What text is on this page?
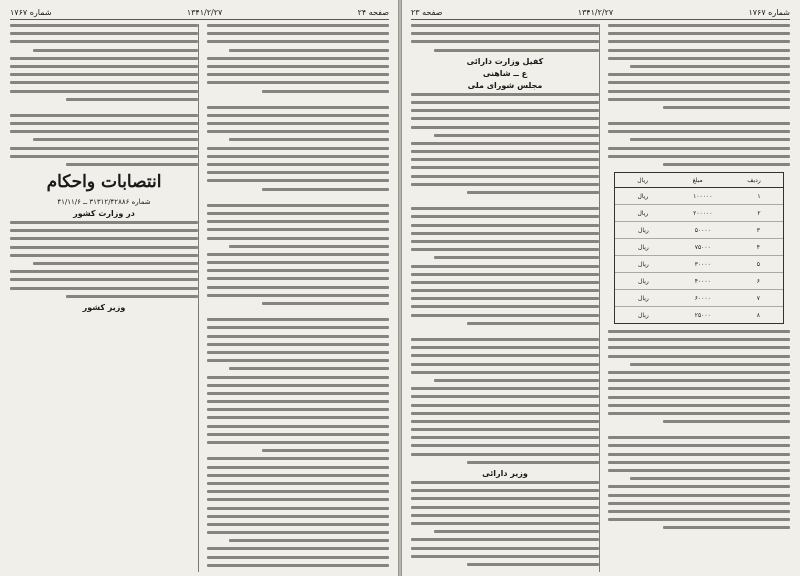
صفحه ۲۴
۱۳۴۱/۲/۲۷
شماره ۱۷۶۷
انتصابات واحکام
شماره ۳۱۳۱۲/۴۲۸۸۶ ــ ۴۱/۱۱/۶
در وزارت کشور
وزیر کشور
شماره ۱۷۶۷
۱۳۴۱/۲/۲۷
صفحه ۲۳
ردیف
مبلغ
ریال
۱
۱۰۰۰۰۰
ریال
۲
۲۰۰۰۰۰
ریال
۳
۵۰۰۰۰
ریال
۴
۷۵۰۰۰
ریال
۵
۳۰۰۰۰
ریال
۶
۴۰۰۰۰
ریال
۷
۶۰۰۰۰
ریال
۸
۲۵۰۰۰
ریال
کفیل وزارت دارائی
ع ــ شاهنی
مجلس شورای ملی
وزیر دارائی
